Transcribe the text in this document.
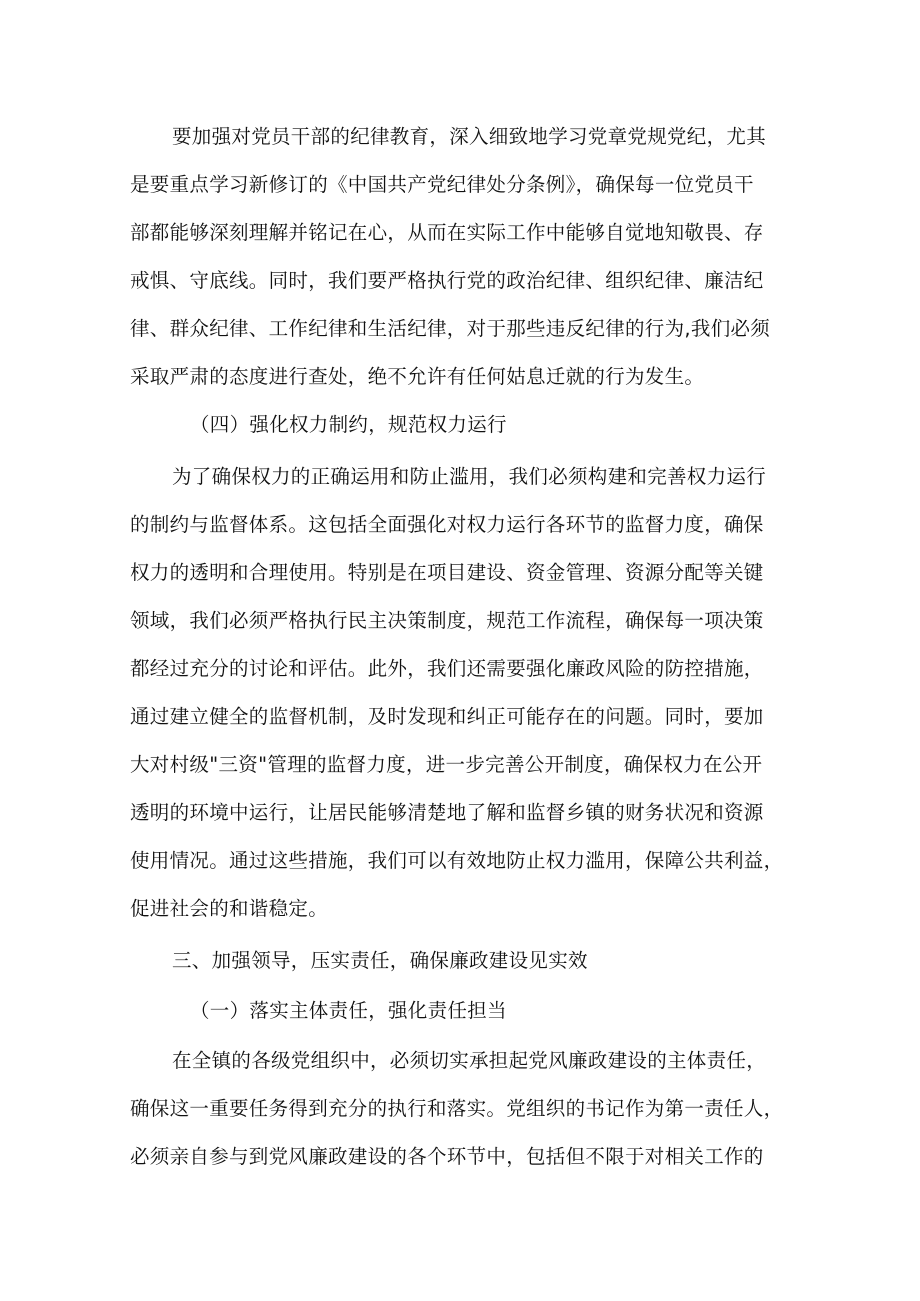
要加强对党员干部的纪律教育，深入细致地学习党章党规党纪，尤其
是要重点学习新修订的《中国共产党纪律处分条例》，确保每一位党员干
部都能够深刻理解并铭记在心，从而在实际工作中能够自觉地知敬畏、存
戒惧、守底线。同时，我们要严格执行党的政治纪律、组织纪律、廉洁纪
律、群众纪律、工作纪律和生活纪律，对于那些违反纪律的行为,我们必须
采取严肃的态度进行查处，绝不允许有任何姑息迁就的行为发生。
（四）强化权力制约，规范权力运行
为了确保权力的正确运用和防止滥用，我们必须构建和完善权力运行
的制约与监督体系。这包括全面强化对权力运行各环节的监督力度，确保
权力的透明和合理使用。特别是在项目建设、资金管理、资源分配等关键
领域，我们必须严格执行民主决策制度，规范工作流程，确保每一项决策
都经过充分的讨论和评估。此外，我们还需要强化廉政风险的防控措施，
通过建立健全的监督机制，及时发现和纠正可能存在的问题。同时，要加
大对村级"三资"管理的监督力度，进一步完善公开制度，确保权力在公开
透明的环境中运行，让居民能够清楚地了解和监督乡镇的财务状况和资源
使用情况。通过这些措施，我们可以有效地防止权力滥用，保障公共利益，
促进社会的和谐稳定。
三、加强领导，压实责任，确保廉政建设见实效
（一）落实主体责任，强化责任担当
在全镇的各级党组织中，必须切实承担起党风廉政建设的主体责任，
确保这一重要任务得到充分的执行和落实。党组织的书记作为第一责任人，
必须亲自参与到党风廉政建设的各个环节中，包括但不限于对相关工作的
